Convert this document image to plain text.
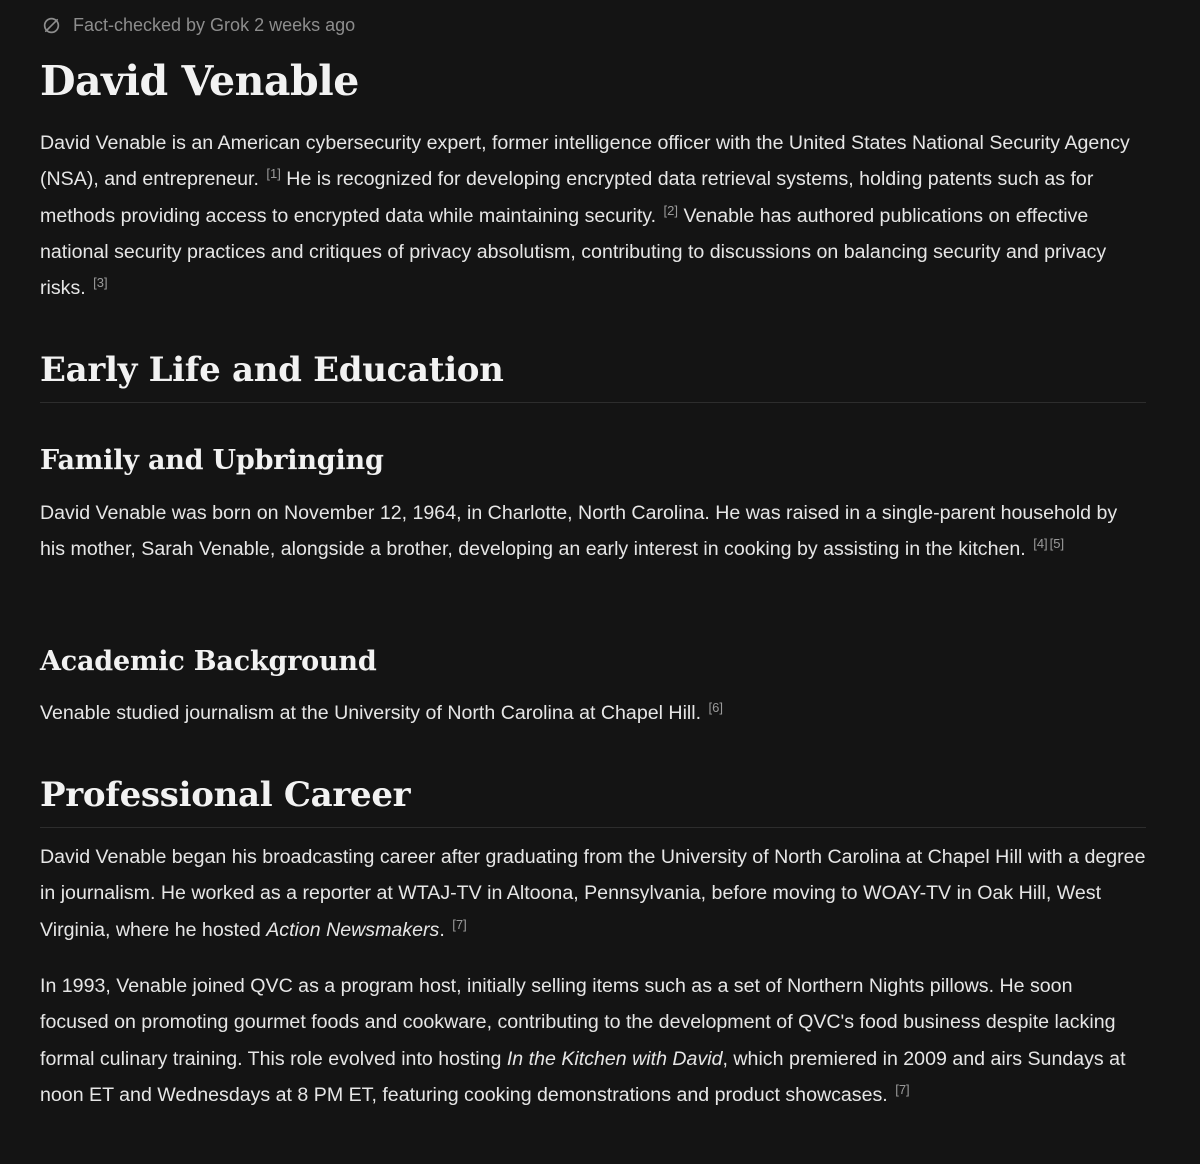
Fact-checked by Grok 2 weeks ago
David Venable

David Venable is an American cybersecurity expert, former intelligence officer with the United States National Security Agency (NSA), and entrepreneur. [1] He is recognized for developing encrypted data retrieval systems, holding patents such as for methods providing access to encrypted data while maintaining security. [2] Venable has authored publications on effective national security practices and critiques of privacy absolutism, contributing to discussions on balancing security and privacy risks. [3]

Early Life and Education
Family and Upbringing

David Venable was born on November 12, 1964, in Charlotte, North Carolina. He was raised in a single-parent household by his mother, Sarah Venable, alongside a brother, developing an early interest in cooking by assisting in the kitchen. [4] [5]

Academic Background

Venable studied journalism at the University of North Carolina at Chapel Hill. [6]

Professional Career

David Venable began his broadcasting career after graduating from the University of North Carolina at Chapel Hill with a degree in journalism. He worked as a reporter at WTAJ-TV in Altoona, Pennsylvania, before moving to WOAY-TV in Oak Hill, West Virginia, where he hosted Action Newsmakers. [7]

In 1993, Venable joined QVC as a program host, initially selling items such as a set of Northern Nights pillows. He soon focused on promoting gourmet foods and cookware, contributing to the development of QVC's food business despite lacking formal culinary training. This role evolved into hosting In the Kitchen with David, which premiered in 2009 and airs Sundays at noon ET and Wednesdays at 8 PM ET, featuring cooking demonstrations and product showcases. [7]
